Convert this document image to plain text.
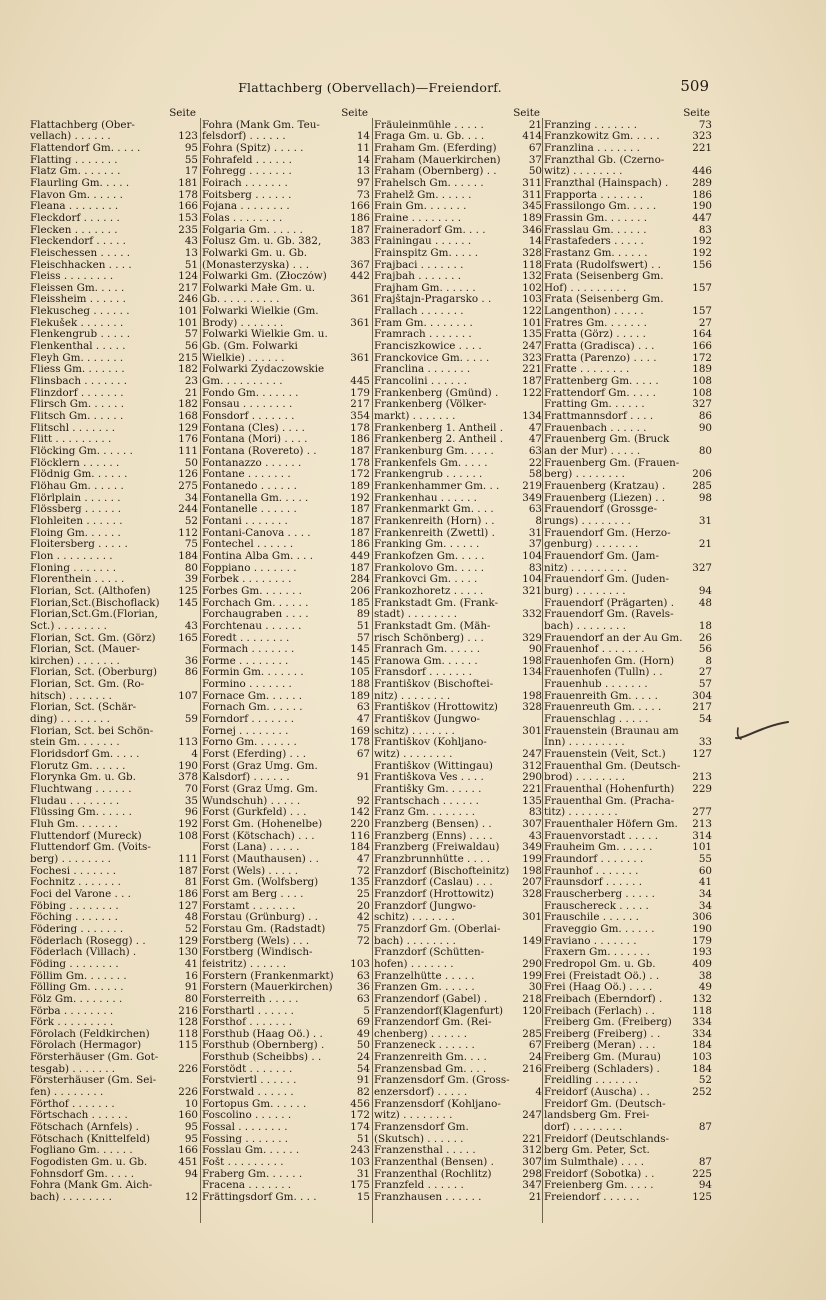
Flattachberg (Obervellach)—Freiendorf.	509
Seite
Flattachberg (Ober-
vellach) . . . . . .	123
Flattendorf Gm. . . . .	95
Flatting . . . . . . .	55
Flatz Gm. . . . . . .	17
Flaurling Gm. . . . .	181
Flavon Gm. . . . . .	178
Fleana . . . . . . . .	166
Fleckdorf . . . . . .	153
Flecken . . . . . . .	235
Fleckendorf . . . . .	43
Fleischessen . . . . .	13
Fleischhacken . . . .	51
Fleiss . . . . . . . .	124
Fleissen Gm. . . . .	217
Fleissheim . . . . . .	246
Flekuscheg . . . . . .	101
Flekušek . . . . . . .	101
Flenkengrub . . . . .	57
Flenkenthal . . . . .	56
Fleyh Gm. . . . . . .	215
Fliess Gm. . . . . . .	182
Flinsbach . . . . . . .	23
Flinzdorf . . . . . . .	21
Flirsch Gm. . . . . .	182
Flitsch Gm. . . . . .	168
Flitschl . . . . . . .	129
Flitt . . . . . . . . .	176
Flöcking Gm. . . . . .	111
Flöcklern . . . . . .	50
Flödnig Gm. . . . . .	126
Flöhau Gm. . . . . .	275
Flörlplain . . . . . .	34
Flössberg . . . . . .	244
Flohleiten . . . . . .	52
Floing Gm. . . . . .	112
Floitersberg . . . . .	75
Flon . . . . . . . . .	184
Floning . . . . . . .	80
Florenthein . . . . .	39
Florian, Sct. (Althofen)	125
Florian,Sct.(Bischoflack)	145
Florian,Sct.Gm.(Florian,
Sct.) . . . . . . . .	43
Florian, Sct. Gm. (Görz)	165
Florian, Sct. (Mauer-
kirchen) . . . . . . .	36
Florian, Sct. (Oberburg)	86
Florian, Sct. Gm. (Ro-
hitsch) . . . . . . .	107
Florian, Sct. (Schär-
ding) . . . . . . . .	59
Florian, Sct. bei Schön-
stein Gm. . . . . . .	113
Floridsdorf Gm. . . . .	4
Florutz Gm. . . . . .	190
Florynka Gm. u. Gb.	378
Fluchtwang . . . . . .	70
Fludau . . . . . . . .	35
Flüssing Gm. . . . . .	96
Fluh Gm. . . . . . .	192
Fluttendorf (Mureck)	108
Fluttendorf Gm. (Voits-
berg) . . . . . . . .	111
Fochesi . . . . . . .	187
Fochnitz . . . . . . .	81
Foci del Varone . . .	186
Föbing . . . . . . . .	127
Föching . . . . . . .	48
Födering . . . . . . .	52
Föderlach (Rosegg) . .	129
Föderlach (Villach) .	130
Föding . . . . . . . .	41
Föllim Gm. . . . . . .	16
Fölling Gm. . . . . .	91
Fölz Gm. . . . . . . .	80
Förba . . . . . . . .	216
Förk . . . . . . . . .	128
Förolach (Feldkirchen)	118
Förolach (Hermagor)	115
Försterhäuser (Gm. Got-
tesgab) . . . . . . .	226
Försterhäuser (Gm. Sei-
fen) . . . . . . . .	226
Förthof . . . . . . .	10
Förtschach . . . . . .	160
Fötschach (Arnfels) .	95
Fötschach (Knittelfeld)	95
Fogliano Gm. . . . . .	166
Fogodisten Gm. u. Gb.	451
Fohnsdorf Gm. . . . .	94
Fohra (Mank Gm. Aich-
bach) . . . . . . . .	12
Seite
Fohra (Mank Gm. Teu-
felsdorf) . . . . . .	14
Fohra (Spitz) . . . . .	11
Fohrafeld . . . . . .	14
Fohregg . . . . . . .	13
Foirach . . . . . . .	97
Foitsberg . . . . . .	73
Fojana . . . . . . . .	166
Folas . . . . . . . .	186
Folgaria Gm. . . . . .	187
Folusz Gm. u. Gb. 382,	383
Folwarki Gm. u. Gb.
(Monasterzyska) . . .	367
Folwarki Gm. (Złoczów)	442
Folwarki Małe Gm. u.
Gb. . . . . . . . . .	361
Folwarki Wielkie (Gm.
Brody) . . . . . . .	361
Folwarki Wielkie Gm. u.
Gb. (Gm. Folwarki
Wielkie) . . . . . .	361
Folwarki Żydaczowskie
Gm. . . . . . . . . .	445
Fondo Gm. . . . . . .	179
Fonsau . . . . . . . .	217
Fonsdorf . . . . . . .	354
Fontana (Cles) . . . .	178
Fontana (Mori) . . . .	186
Fontana (Rovereto) . .	187
Fontanazzo . . . . . .	178
Fontane . . . . . . .	172
Fontanedo . . . . . .	189
Fontanella Gm. . . . .	192
Fontanelle . . . . . .	187
Fontani . . . . . . .	187
Fontani-Canova . . . .	187
Fontechel . . . . . .	186
Fontina Alba Gm. . . .	449
Foppiano . . . . . . .	187
Forbek . . . . . . . .	284
Forbes Gm. . . . . . .	206
Forchach Gm. . . . . .	185
Forchaugraben . . . .	89
Forchtenau . . . . . .	51
Foredt . . . . . . . .	57
Formach . . . . . . .	145
Forme . . . . . . . .	145
Formin Gm. . . . . . .	105
Formino . . . . . . .	188
Fornace Gm. . . . . .	189
Fornach Gm. . . . . .	63
Forndorf . . . . . . .	47
Fornej . . . . . . . .	169
Forno Gm. . . . . . .	178
Forst (Eferding) . . .	67
Forst (Graz Umg. Gm.
Kalsdorf) . . . . . .	91
Forst (Graz Umg. Gm.
Wundschuh) . . . . .	92
Forst (Gurkfeld) . . .	142
Forst Gm. (Hohenelbe)	220
Forst (Kötschach) . . .	116
Forst (Lana) . . . . .	184
Forst (Mauthausen) . .	47
Forst (Wels) . . . . .	72
Forst Gm. (Wolfsberg)	135
Forst am Berg . . . .	25
Forstamt . . . . . . .	20
Forstau (Grünburg) . .	42
Forstau Gm. (Radstadt)	75
Forstberg (Wels) . . .	72
Forstberg (Windisch-
feistritz) . . . . . .	103
Forstern (Frankenmarkt)	63
Forstern (Mauerkirchen)	36
Forsterreith . . . . .	63
Forsthartl . . . . . .	5
Forsthof . . . . . . .	69
Forsthub (Haag Oö.) . .	49
Forsthub (Obernberg) .	50
Forsthub (Scheibbs) . .	24
Forstödt . . . . . . .	54
Forstviertl . . . . . .	91
Forstwald . . . . . .	82
Fortopus Gm. . . . . .	456
Foscolino . . . . . .	172
Fossal . . . . . . . .	174
Fossing . . . . . . .	51
Fosslau Gm. . . . . .	243
Fošt . . . . . . . . .	103
Fraberg Gm. . . . . .	31
Fracena . . . . . . .	175
Frättingsdorf Gm. . . .	15
Seite
Fräuleinmühle . . . . .	21
Fraga Gm. u. Gb. . . .	414
Fraham Gm. (Eferding)	67
Fraham (Mauerkirchen)	37
Fraham (Obernberg) . .	50
Frahelsch Gm. . . . . .	311
Frahelž Gm. . . . . .	311
Frain Gm. . . . . . .	345
Fraine . . . . . . . .	189
Fraineradorf Gm. . . .	346
Frainingau . . . . . .	14
Frainspitz Gm. . . . .	328
Frajbaci . . . . . . .	118
Frajbah . . . . . . .	132
Frajham Gm. . . . . .	102
Frajštajn-Pragarsko . .	103
Frallach . . . . . . .	122
Fram Gm. . . . . . . .	101
Framrach . . . . . . .	135
Franciszkowice . . . .	247
Franckovice Gm. . . . .	323
Franclina . . . . . . .	221
Francolini . . . . . .	187
Frankenberg (Gmünd) .	122
Frankenberg (Völker-
markt) . . . . . . .	134
Frankenberg 1. Antheil .	47
Frankenberg 2. Antheil .	47
Frankenburg Gm. . . . .	63
Frankenfels Gm. . . . .	22
Frankengrub . . . . . .	58
Frankenhammer Gm. . .	219
Frankenhau . . . . . .	349
Frankenmarkt Gm. . . .	63
Frankenreith (Horn) . .	8
Frankenreith (Zwettl) .	31
Franking Gm. . . . . .	37
Frankofzen Gm. . . . .	104
Frankolovo Gm. . . . .	83
Frankovci Gm. . . . .	104
Frankozhoretz . . . . .	321
Frankstadt Gm. (Frank-
stadt) . . . . . . . .	332
Frankstadt Gm. (Mäh-
risch Schönberg) . . .	329
Franrach Gm. . . . . .	90
Franowa Gm. . . . . .	198
Fransdorf . . . . . . .	134
Františkov (Bischoftei-
nitz) . . . . . . . .	198
Františkov (Hrottowitz)	328
Františkov (Jungwo-
schitz) . . . . . . .	301
Františkov (Kohljano-
witz) . . . . . . . .	247
Františkov (Wittingau)	312
Františkova Ves . . . .	290
Františky Gm. . . . . .	221
Frantschach . . . . . .	135
Franz Gm. . . . . . . .	83
Franzberg (Bensen) . .	307
Franzberg (Enns) . . . .	43
Franzberg (Freiwaldau)	349
Franzbrunnhütte . . . .	199
Franzdorf (Bischofteinitz)	198
Franzdorf (Časlau) . . .	207
Franzdorf (Hrottowitz)	328
Franzdorf (Jungwo-
schitz) . . . . . . .	301
Franzdorf Gm. (Oberlai-
bach) . . . . . . . .	149
Franzdorf (Schütten-
hofen) . . . . . . .	290
Franzelhütte . . . . .	199
Franzen Gm. . . . . .	30
Franzendorf (Gabel) .	218
Franzendorf(Klagenfurt)	120
Franzendorf Gm. (Rei-
chenberg) . . . . . .	285
Franzeneck . . . . . .	67
Franzenreith Gm. . . .	24
Franzensbad Gm. . . .	216
Franzensdorf Gm. (Gross-
enzersdorf) . . . . .	4
Franzensdorf (Kohljano-
witz) . . . . . . . .	247
Franzensdorf Gm.
(Skutsch) . . . . . .	221
Franzensthal . . . . .	312
Franzenthal (Bensen) .	307
Franzenthal (Rochlitz)	298
Franzfeld . . . . . .	347
Franzhausen . . . . . .	21
Seite
Franzing . . . . . . .	73
Franzkowitz Gm. . . . .	323
Franzlina . . . . . . .	221
Franzthal Gb. (Czerno-
witz) . . . . . . . .	446
Franzthal (Hainspach) .	289
Frapporta . . . . . . .	186
Frassilongo Gm. . . . .	190
Frassin Gm. . . . . . .	447
Frasslau Gm. . . . . .	83
Frastafeders . . . . .	192
Frastanz Gm. . . . . .	192
Frata (Rudolfswert) . .	156
Frata (Seisenberg Gm.
Hof) . . . . . . . . .	157
Frata (Seisenberg Gm.
Langenthon) . . . . .	157
Fratres Gm. . . . . . .	27
Fratta (Görz) . . . . .	164
Fratta (Gradisca) . . .	166
Fratta (Parenzo) . . . .	172
Fratte . . . . . . . .	189
Frattenberg Gm. . . . .	108
Frattendorf Gm. . . . .	108
Fratting Gm. . . . . .	327
Frattmannsdorf . . . .	86
Frauenbach . . . . . .	90
Frauenberg Gm. (Bruck
an der Mur) . . . . .	80
Frauenberg Gm. (Frauen-
berg) . . . . . . . .	206
Frauenberg (Kratzau) .	285
Frauenberg (Liezen) . .	98
Frauendorf (Grossge-
rungs) . . . . . . . .	31
Frauendorf Gm. (Herzo-
genburg) . . . . . . .	21
Frauendorf Gm. (Jam-
nitz) . . . . . . . . .	327
Frauendorf Gm. (Juden-
burg) . . . . . . . .	94
Frauendorf (Prägarten) .	48
Frauendorf Gm. (Ravels-
bach) . . . . . . . .	18
Frauendorf an der Au Gm.	26
Frauenhof . . . . . . .	56
Frauenhofen Gm. (Horn)	8
Frauenhofen (Tulln) . .	27
Frauenhub . . . . . . .	57
Frauenreith Gm. . . . .	304
Frauenreuth Gm. . . . .	217
Frauenschlag . . . . .	54
Frauenstein (Braunau am
Inn) . . . . . . . . .	33
Frauenstein (Veit, Sct.)	127
Frauenthal Gm. (Deutsch-
brod) . . . . . . . .	213
Frauenthal (Hohenfurth)	229
Frauenthal Gm. (Pracha-
titz) . . . . . . . .	277
Frauenthaler Höfern Gm.	213
Frauenvorstadt . . . . .	314
Frauheim Gm. . . . . .	101
Fraundorf . . . . . . .	55
Fraunhof . . . . . . .	60
Fraunsdorf . . . . . .	41
Frauscherberg . . . . .	34
Frauschereck . . . . .	34
Frauschile . . . . . .	306
Fraveggio Gm. . . . . .	190
Fraviano . . . . . . .	179
Fraxern Gm. . . . . . .	193
Fredropol Gm. u. Gb.	409
Frei (Freistadt Oö.) . .	38
Frei (Haag Oö.) . . . .	49
Freibach (Eberndorf) .	132
Freibach (Ferlach) . .	118
Freiberg Gm. (Freiberg)	334
Freiberg (Freiberg) . .	334
Freiberg (Meran) . . .	184
Freiberg Gm. (Murau)	103
Freiberg (Schladers) .	184
Freidling . . . . . . .	52
Freidorf (Auscha) . .	252
Freidorf Gm. (Deutsch-
landsberg Gm. Frei-
dorf) . . . . . . . .	87
Freidorf (Deutschlands-
berg Gm. Peter, Sct.
im Sulmthale) . . . .	87
Freidorf (Sobotka) . .	225
Freienberg Gm. . . . .	94
Freiendorf . . . . . .	125
